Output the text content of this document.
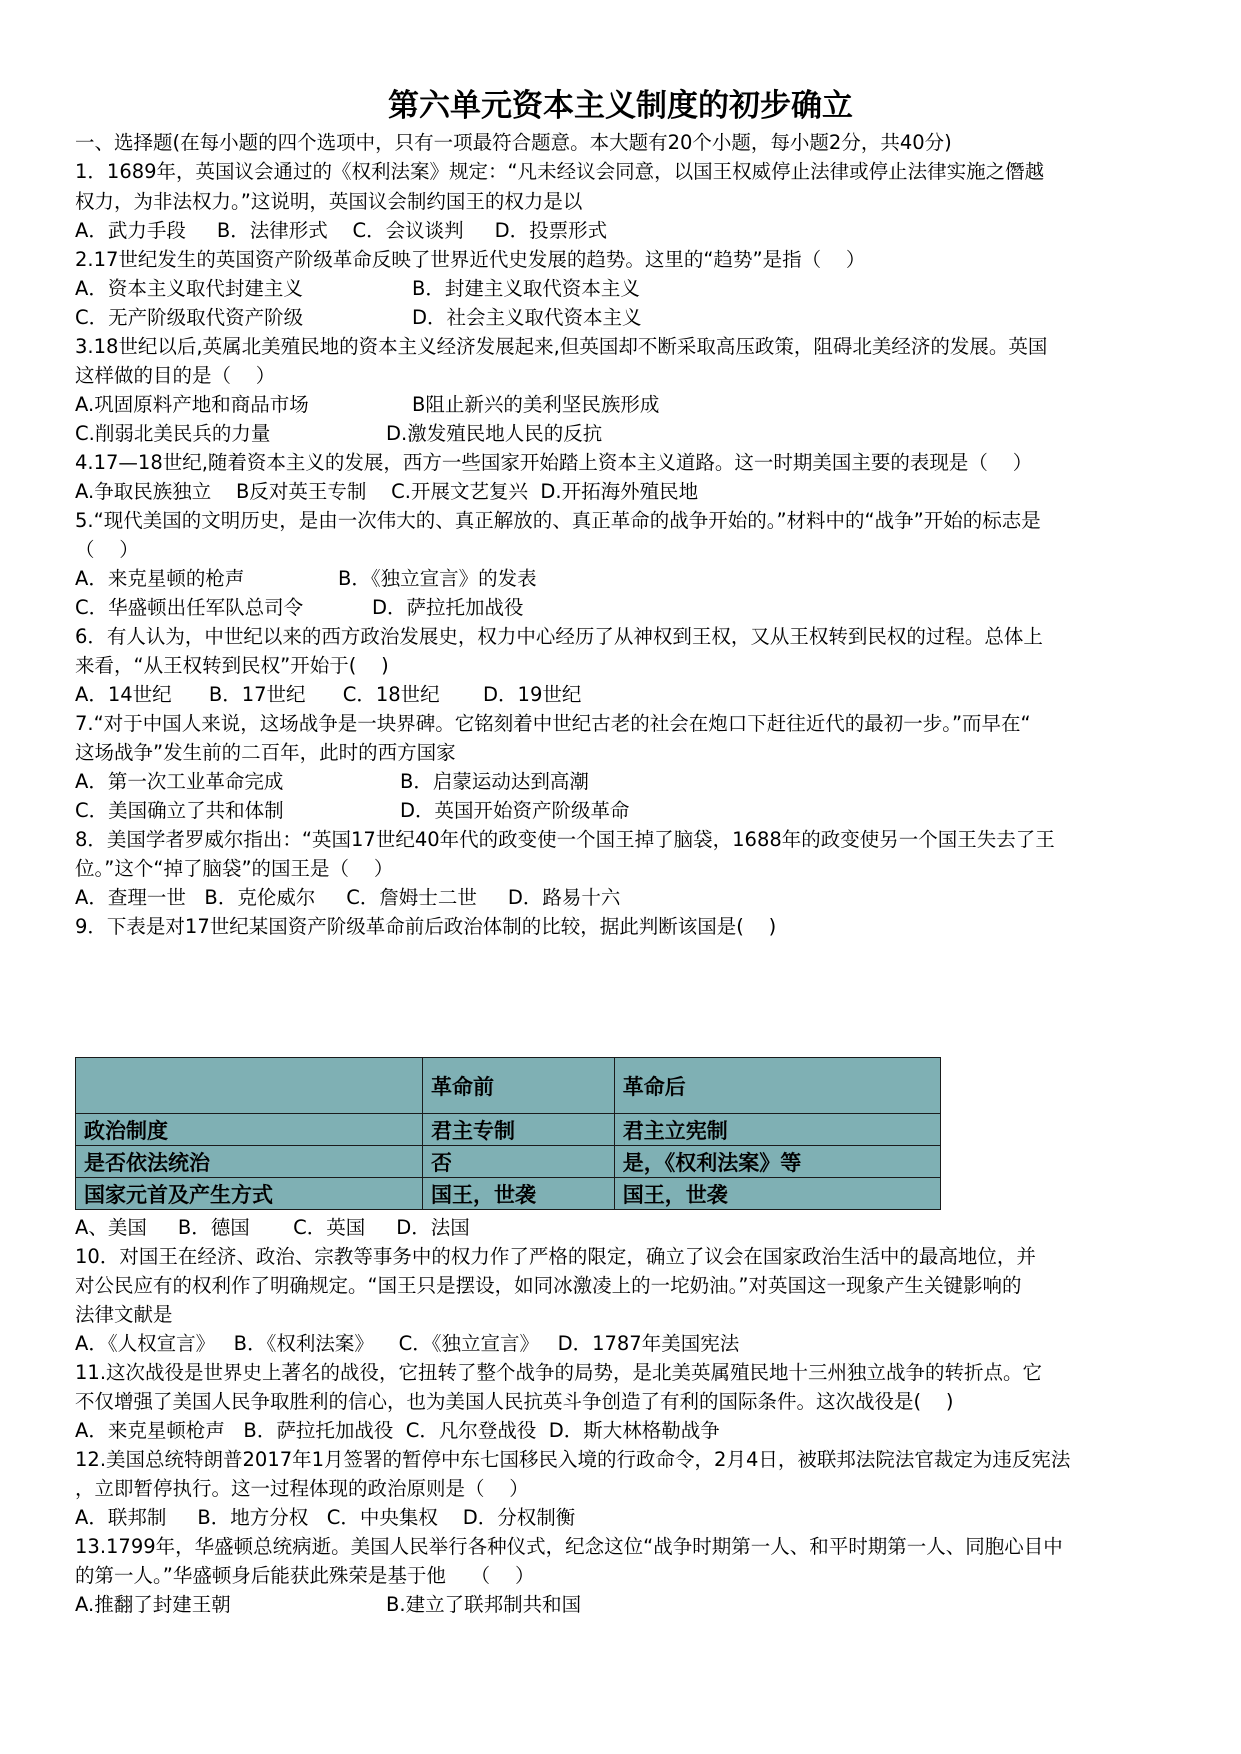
第六单元资本主义制度的初步确立
一、选择题(在每小题的四个选项中，只有一项最符合题意。本大题有20个小题，每小题2分，共40分)
1．1689年，英国议会通过的《权利法案》规定：“凡未经议会同意，以国王权威停止法律或停止法律实施之僭越
权力，为非法权力。”这说明，英国议会制约国王的权力是以
A．武力手段     B．法律形式    C．会议谈判     D．投票形式
2.17世纪发生的英国资产阶级革命反映了世界近代史发展的趋势。这里的“趋势”是指（    ）
A．资本主义取代封建主义	B．封建主义取代资本主义
C．无产阶级取代资产阶级	D．社会主义取代资本主义
3.18世纪以后,英属北美殖民地的资本主义经济发展起来,但英国却不断采取高压政策，阻碍北美经济的发展。英国
这样做的目的是（    ）
A.巩固原料产地和商品市场	B阻止新兴的美利坚民族形成
C.削弱北美民兵的力量	D.激发殖民地人民的反抗
4.17—18世纪,随着资本主义的发展，西方一些国家开始踏上资本主义道路。这一时期美国主要的表现是（    ）
A.争取民族独立    B反对英王专制    C.开展文艺复兴  D.开拓海外殖民地
5.“现代美国的文明历史，是由一次伟大的、真正解放的、真正革命的战争开始的。”材料中的“战争”开始的标志是
（    ）
A．来克星顿的枪声	B．《独立宣言》的发表
C．华盛顿出任军队总司令	D．萨拉托加战役
6．有人认为，中世纪以来的西方政治发展史，权力中心经历了从神权到王权，又从王权转到民权的过程。总体上
来看，“从王权转到民权”开始于(    )
A．14世纪      B．17世纪      C．18世纪       D．19世纪
7.“对于中国人来说，这场战争是一块界碑。它铭刻着中世纪古老的社会在炮口下赶往近代的最初一步。”而早在“
这场战争”发生前的二百年，此时的西方国家
A．第一次工业革命完成	B．启蒙运动达到高潮
C．美国确立了共和体制	D．英国开始资产阶级革命
8．美国学者罗威尔指出：“英国17世纪40年代的政变使一个国王掉了脑袋，1688年的政变使另一个国王失去了王
位。”这个“掉了脑袋”的国王是（    ）
A．查理一世   B．克伦威尔     C．詹姆士二世     D．路易十六
9．下表是对17世纪某国资产阶级革命前后政治体制的比较，据此判断该国是(    )
	革命前	革命后
政治制度	君主专制	君主立宪制
是否依法统治	否	是，《权利法案》等
国家元首及产生方式	国王，世袭	国王，世袭
A、美国     B．德国       C．英国     D．法国
10．对国王在经济、政治、宗教等事务中的权力作了严格的限定，确立了议会在国家政治生活中的最高地位，并
对公民应有的权利作了明确规定。“国王只是摆设，如同冰激凌上的一坨奶油。”对英国这一现象产生关键影响的
法律文献是
A．《人权宣言》   B．《权利法案》    C．《独立宣言》   D．1787年美国宪法
11.这次战役是世界史上著名的战役，它扭转了整个战争的局势，是北美英属殖民地十三州独立战争的转折点。它
不仅增强了美国人民争取胜利的信心，也为美国人民抗英斗争创造了有利的国际条件。这次战役是(    )
A．来克星顿枪声   B．萨拉托加战役  C．凡尔登战役  D．斯大林格勒战争
12.美国总统特朗普2017年1月签署的暂停中东七国移民入境的行政命令，2月4日，被联邦法院法官裁定为违反宪法
，立即暂停执行。这一过程体现的政治原则是（    ）
A．联邦制     B．地方分权   C．中央集权    D．分权制衡
13.1799年，华盛顿总统病逝。美国人民举行各种仪式，纪念这位“战争时期第一人、和平时期第一人、同胞心目中
的第一人。”华盛顿身后能获此殊荣是基于他    （    ）
A.推翻了封建王朝	B.建立了联邦制共和国
